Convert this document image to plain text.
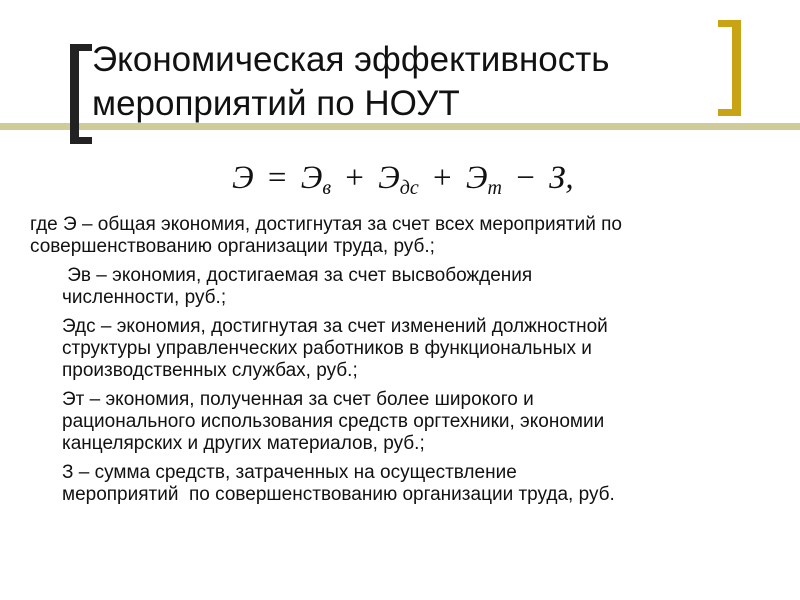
Экономическая эффективность
мероприятий по НОУТ
$Э = Э_в + Э_{дс} + Э_т - З$,
где Э – общая экономия, достигнутая за счет всех мероприятий по
совершенствованию организации труда, руб.;
Эв – экономия, достигаемая за счет высвобождения
численности, руб.;
Эдс – экономия, достигнутая за счет изменений должностной
структуры управленческих работников в функциональных и
производственных службах, руб.;
Эт – экономия, полученная за счет более широкого и
рационального использования средств оргтехники, экономии
канцелярских и других материалов, руб.;
З – сумма средств, затраченных на осуществление
мероприятий  по совершенствованию организации труда, руб.
